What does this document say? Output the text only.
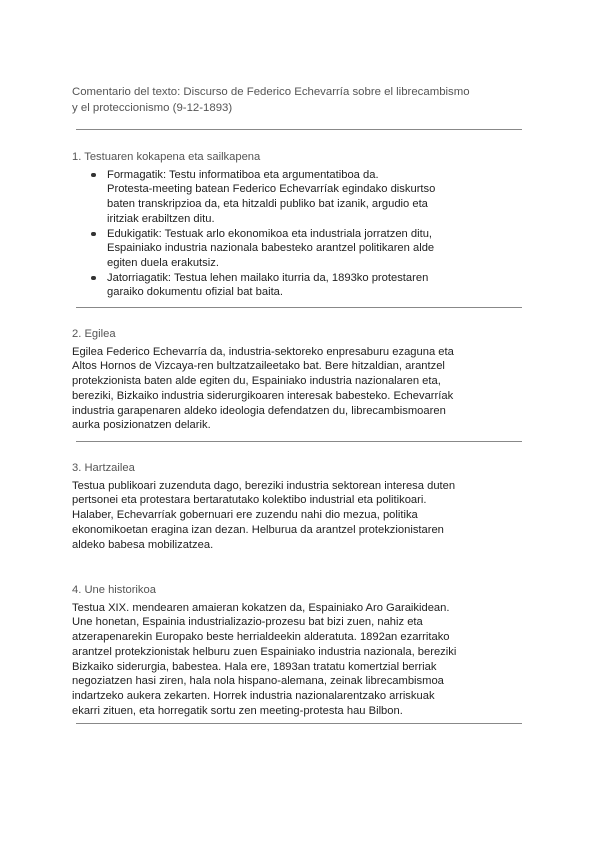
Comentario del texto: Discurso de Federico Echevarría sobre el librecambismo
y el proteccionismo (9-12-1893)
1. Testuaren kokapena eta sailkapena
Formagatik: Testu informatiboa eta argumentatiboa da.
Protesta-meeting batean Federico Echevarríak egindako diskurtso
baten transkripzioa da, eta hitzaldi publiko bat izanik, argudio eta
iritziak erabiltzen ditu.
Edukigatik: Testuak arlo ekonomikoa eta industriala jorratzen ditu,
Espainiako industria nazionala babesteko arantzel politikaren alde
egiten duela erakutsiz.
Jatorriagatik: Testua lehen mailako iturria da, 1893ko protestaren
garaiko dokumentu ofizial bat baita.
2. Egilea
Egilea Federico Echevarría da, industria-sektoreko enpresaburu ezaguna eta
Altos Hornos de Vizcaya-ren bultzatzaileetako bat. Bere hitzaldian, arantzel
protekzionista baten alde egiten du, Espainiako industria nazionalaren eta,
bereziki, Bizkaiko industria siderurgikoaren interesak babesteko. Echevarríak
industria garapenaren aldeko ideologia defendatzen du, librecambismoaren
aurka posizionatzen delarik.
3. Hartzailea
Testua publikoari zuzenduta dago, bereziki industria sektorean interesa duten
pertsonei eta protestara bertaratutako kolektibo industrial eta politikoari.
Halaber, Echevarríak gobernuari ere zuzendu nahi dio mezua, politika
ekonomikoetan eragina izan dezan. Helburua da arantzel protekzionistaren
aldeko babesa mobilizatzea.
4. Une historikoa
Testua XIX. mendearen amaieran kokatzen da, Espainiako Aro Garaikidean.
Une honetan, Espainia industrializazio-prozesu bat bizi zuen, nahiz eta
atzerapenarekin Europako beste herrialdeekin alderatuta. 1892an ezarritako
arantzel protekzionistak helburu zuen Espainiako industria nazionala, bereziki
Bizkaiko siderurgia, babestea. Hala ere, 1893an tratatu komertzial berriak
negoziatzen hasi ziren, hala nola hispano-alemana, zeinak librecambismoa
indartzeko aukera zekarten. Horrek industria nazionalarentzako arriskuak
ekarri zituen, eta horregatik sortu zen meeting-protesta hau Bilbon.
